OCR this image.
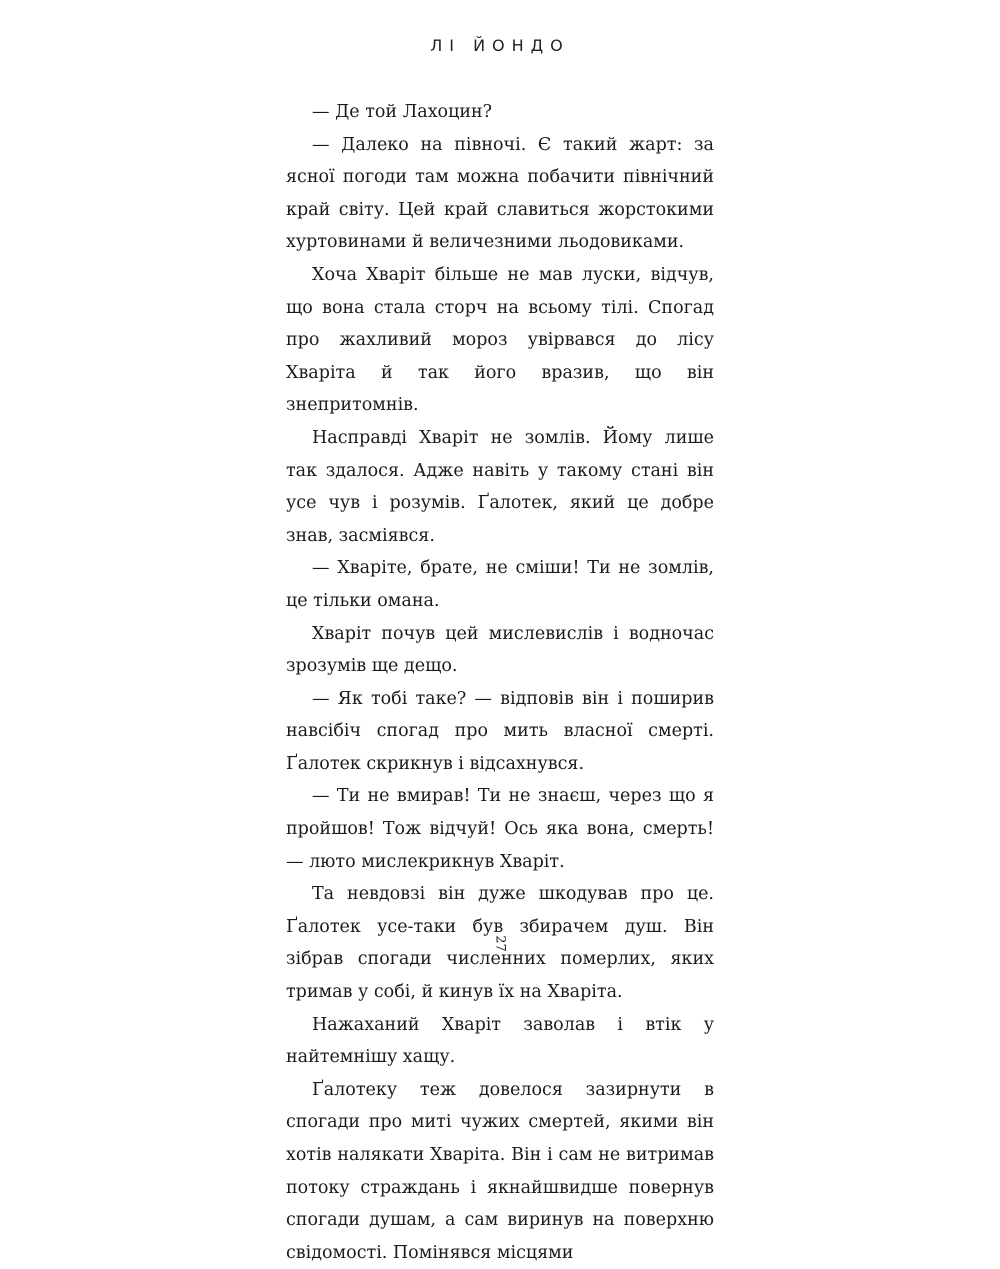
ЛІ ЙОНДО

— Де той Лахоцин?

— Далеко на півночі. Є такий жарт: за ясної погоди там можна побачити північний край світу. Цей край славиться жорстокими хуртовинами й величезними льодовиками.

Хоча Хваріт більше не мав луски, відчув, що вона стала сторч на всьому тілі. Спогад про жахливий мороз увірвався до лісу Хваріта й так його вразив, що він знепритомнів.

Насправді Хваріт не зомлів. Йому лише так здалося. Адже навіть у такому стані він усе чув і розумів. Ґалотек, який це добре знав, засміявся.

— Хваріте, брате, не сміши! Ти не зомлів, це тільки омана.

Хваріт почув цей мислевислів і водночас зрозумів ще дещо.

— Як тобі таке? — відповів він і поширив навсібіч спогад про мить власної смерті. Ґалотек скрикнув і відсахнувся.

— Ти не вмирав! Ти не знаєш, через що я пройшов! Тож відчуй! Ось яка вона, смерть! — люто мислекрикнув Хваріт.

Та невдовзі він дуже шкодував про це. Ґалотек усе-таки був збирачем душ. Він зібрав спогади численних померлих, яких тримав у собі, й кинув їх на Хваріта.

Нажаханий Хваріт заволав і втік у найтемнішу хащу.

Ґалотеку теж довелося зазирнути в спогади про миті чужих смертей, якими він хотів налякати Хваріта. Він і сам не витримав потоку страждань і якнайшвидше повернув спогади душам, а сам виринув на поверхню свідомості. Помінявся місцями

27
